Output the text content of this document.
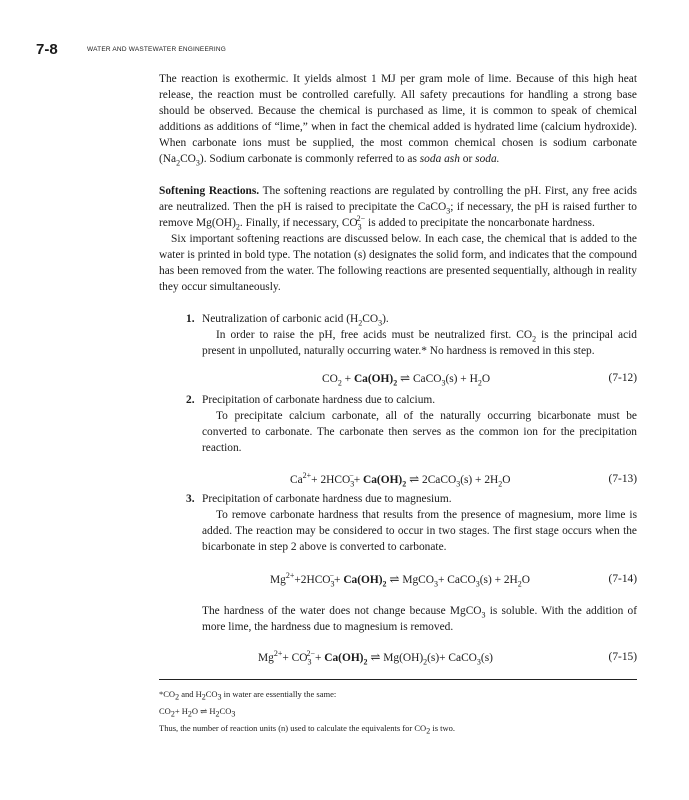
7-8	WATER AND WASTEWATER ENGINEERING

The reaction is exothermic. It yields almost 1 MJ per gram mole of lime. Because of this high heat release, the reaction must be controlled carefully. All safety precautions for handling a strong base should be observed. Because the chemical is purchased as lime, it is common to speak of chemical additions as additions of “lime,” when in fact the chemical added is hydrated lime (calcium hydroxide). When carbonate ions must be supplied, the most common chemical chosen is sodium carbonate $(Na_2CO_3)$. Sodium carbonate is commonly referred to as soda ash or soda.

Softening Reactions. The softening reactions are regulated by controlling the pH. First, any free acids are neutralized. Then the pH is raised to precipitate the CaCO$_3$; if necessary, the pH is raised further to remove $Mg(OH)_2$. Finally, if necessary, $CO_3^{2-}$ is added to precipitate the noncarbonate hardness.

Six important softening reactions are discussed below. In each case, the chemical that is added to the water is printed in bold type. The notation (s) designates the solid form, and indicates that the compound has been removed from the water. The following reactions are presented sequentially, although in reality they occur simultaneously.

1. Neutralization of carbonic acid $(H_2CO_3)$.
In order to raise the pH, free acids must be neutralized first. $CO_2$ is the principal acid present in unpolluted, naturally occurring water.* No hardness is removed in this step.
$CO_2 + Ca(OH)_2$ ⇌ CaCO$_3$(s) + $H_2O$	(7-12)
2. Precipitation of carbonate hardness due to calcium.
To precipitate calcium carbonate, all of the naturally occurring bicarbonate must be converted to carbonate. The carbonate then serves as the common ion for the precipitation reaction.
$Ca^{2+}+ 2HCO_3^-+ Ca(OH)_2$ ⇌ 2CaCO$_3$(s) + $2H_2O$	(7-13)
3. Precipitation of carbonate hardness due to magnesium.
To remove carbonate hardness that results from the presence of magnesium, more lime is added. The reaction may be considered to occur in two stages. The first stage occurs when the bicarbonate in step 2 above is converted to carbonate.
$Mg^{2+}+2HCO_3^-+ Ca(OH)_2$ ⇌ MgCO$_3$+ CaCO$_3$(s) + $2H_2O$	(7-14)
The hardness of the water does not change because MgCO$_3$ is soluble. With the addition of more lime, the hardness due to magnesium is removed.
$Mg^{2+}+ CO_3^{2-}+ Ca(OH)_2$ ⇌ $Mg(OH)_2(s)+$ CaCO$_3$(s)	(7-15)
$*CO_2$ and $H_2CO_3$ in water are essentially the same:
$CO_2+ H_2O$ ⇌ $H_2CO_3$
Thus, the number of reaction units (n) used to calculate the equivalents for $CO_2$ is two.
